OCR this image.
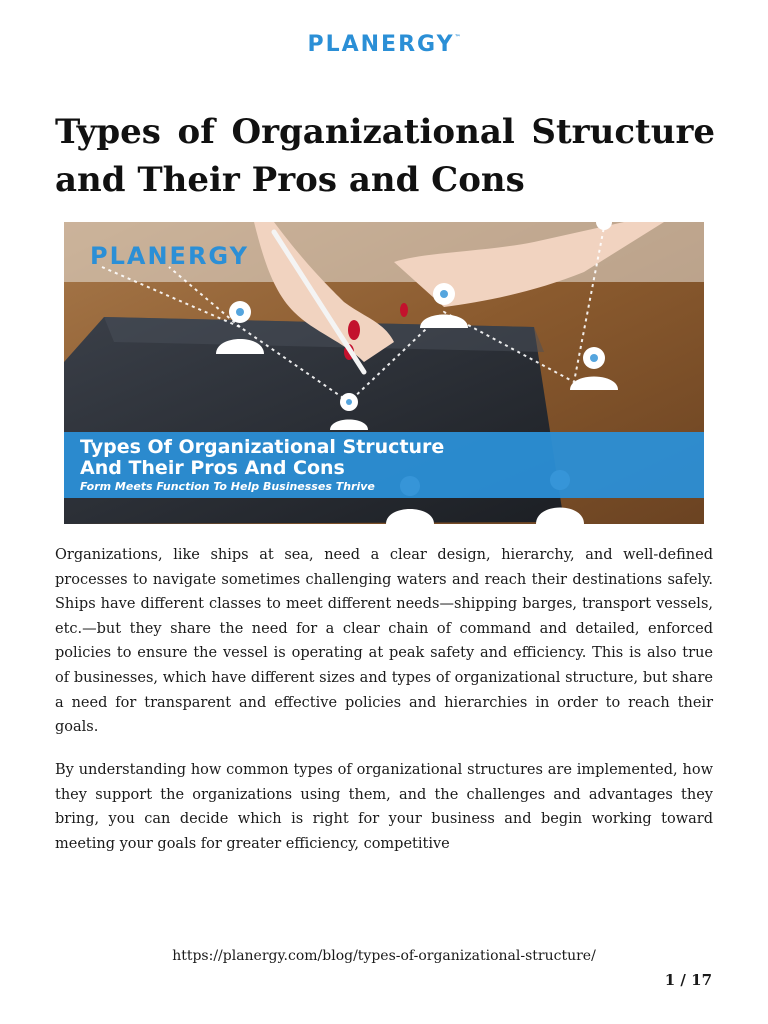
PLANERGY™
Types of Organizational Structure and Their Pros and Cons
PLANERGY
Types Of Organizational Structure
And Their Pros And Cons
Form Meets Function To Help Businesses Thrive

Organizations, like ships at sea, need a clear design, hierarchy, and well-defined processes to navigate sometimes challenging waters and reach their destinations safely. Ships have different classes to meet different needs—shipping barges, transport vessels, etc.—but they share the need for a clear chain of command and detailed, enforced policies to ensure the vessel is operating at peak safety and efficiency. This is also true of businesses, which have different sizes and types of organizational structure, but share a need for transparent and effective policies and hierarchies in order to reach their goals.

By understanding how common types of organizational structures are implemented, how they support the organizations using them, and the challenges and advantages they bring, you can decide which is right for your business and begin working toward meeting your goals for greater efficiency, competitive

https://planergy.com/blog/types-of-organizational-structure/
1 / 17
